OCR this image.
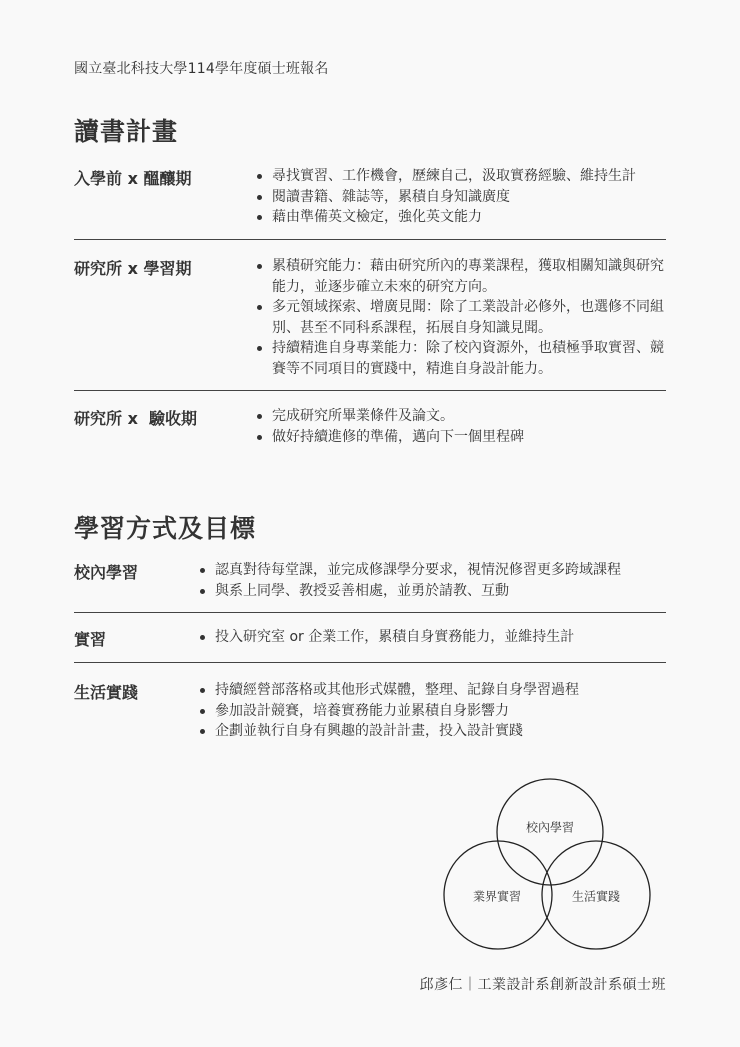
國立臺北科技大學114學年度碩士班報名
讀書計畫
入學前 x 醞釀期	尋找實習、工作機會，歷練自己，汲取實務經驗、維持生計
閱讀書籍、雜誌等，累積自身知識廣度
藉由準備英文檢定，強化英文能力
研究所 x 學習期	累積研究能力：藉由研究所內的專業課程，獲取相關知識與研究能力，並逐步確立未來的研究方向。
多元領域探索、增廣見聞：除了工業設計必修外，也選修不同組別、甚至不同科系課程，拓展自身知識見聞。
持續精進自身專業能力：除了校內資源外，也積極爭取實習、競賽等不同項目的實踐中，精進自身設計能力。
研究所 x  驗收期	完成研究所畢業條件及論文。
做好持續進修的準備，邁向下一個里程碑
學習方式及目標
校內學習	認真對待每堂課，並完成修課學分要求，視情況修習更多跨域課程
與系上同學、教授妥善相處，並勇於請教、互動
實習	投入研究室 or 企業工作，累積自身實務能力，並維持生計
生活實踐	持續經營部落格或其他形式媒體，整理、記錄自身學習過程
參加設計競賽，培養實務能力並累積自身影響力
企劃並執行自身有興趣的設計計畫，投入設計實踐
校內學習
業界實習	生活實踐
邱彥仁｜工業設計系創新設計系碩士班
